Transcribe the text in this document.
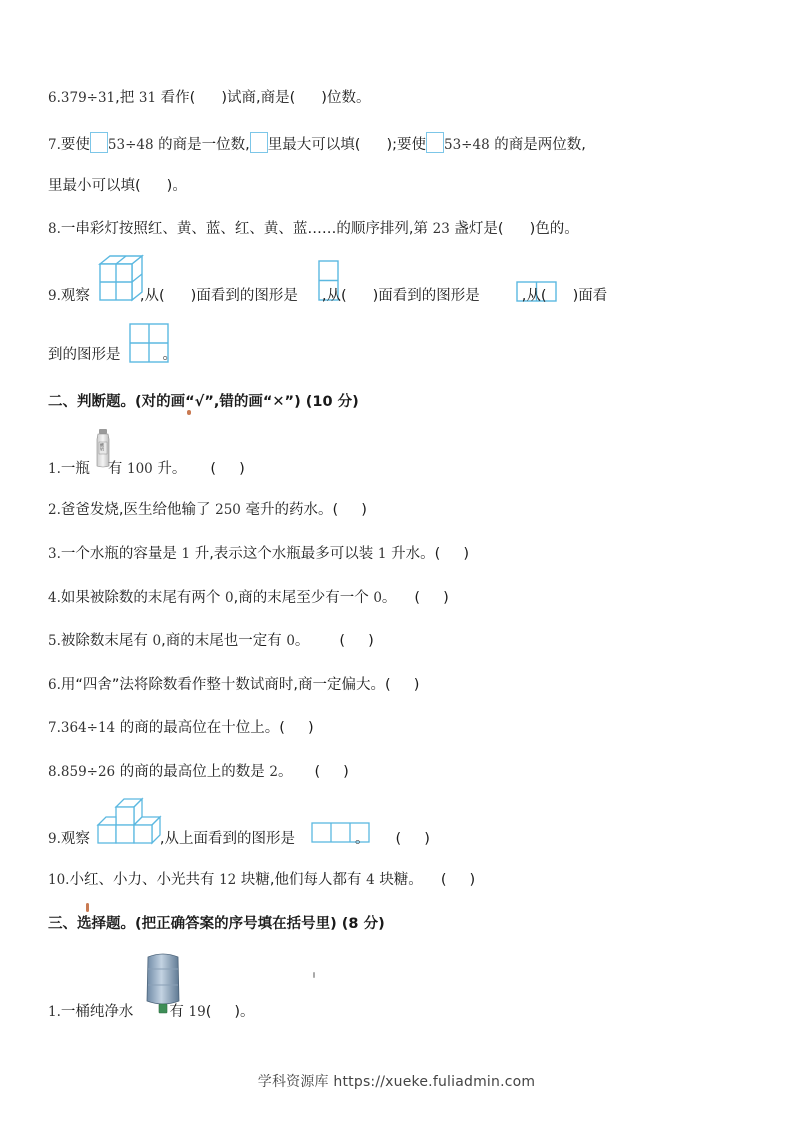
6.379÷31,把 31 看作( )试商,商是( )位数。
7.要使 53÷48 的商是一位数, 里最大可以填( );要使 53÷48 的商是两位数,
里最小可以填( )。
8.一串彩灯按照红、黄、蓝、红、黄、蓝……的顺序排列,第 23 盏灯是( )色的。
9.观察	,从( )面看到的图形是 ,从( )面看到的图形是	,从( )面看
到的图形是	。
二、判断题。(对的画“√”,错的画“✕”) (10 分)
酸奶
1.一瓶 有 100 升。 (     )
2.爸爸发烧,医生给他输了 250 毫升的药水。(     )
3.一个水瓶的容量是 1 升,表示这个水瓶最多可以装 1 升水。(     )
4.如果被除数的末尾有两个 0,商的末尾至少有一个 0。 (     )
5.被除数末尾有 0,商的末尾也一定有 0。 (     )
6.用“四舍”法将除数看作整十数试商时,商一定偏大。(     )
7.364÷14 的商的最高位在十位上。(     )
8.859÷26 的商的最高位上的数是 2。 (     )
9.观察	,从上面看到的图形是	。 (     )
10.小红、小力、小光共有 12 块糖,他们每人都有 4 块糖。 (     )
三、选择题。(把正确答案的序号填在括号里) (8 分)
1.一桶纯净水 有 19(     )。
学科资源库 https://xueke.fuliadmin.com
